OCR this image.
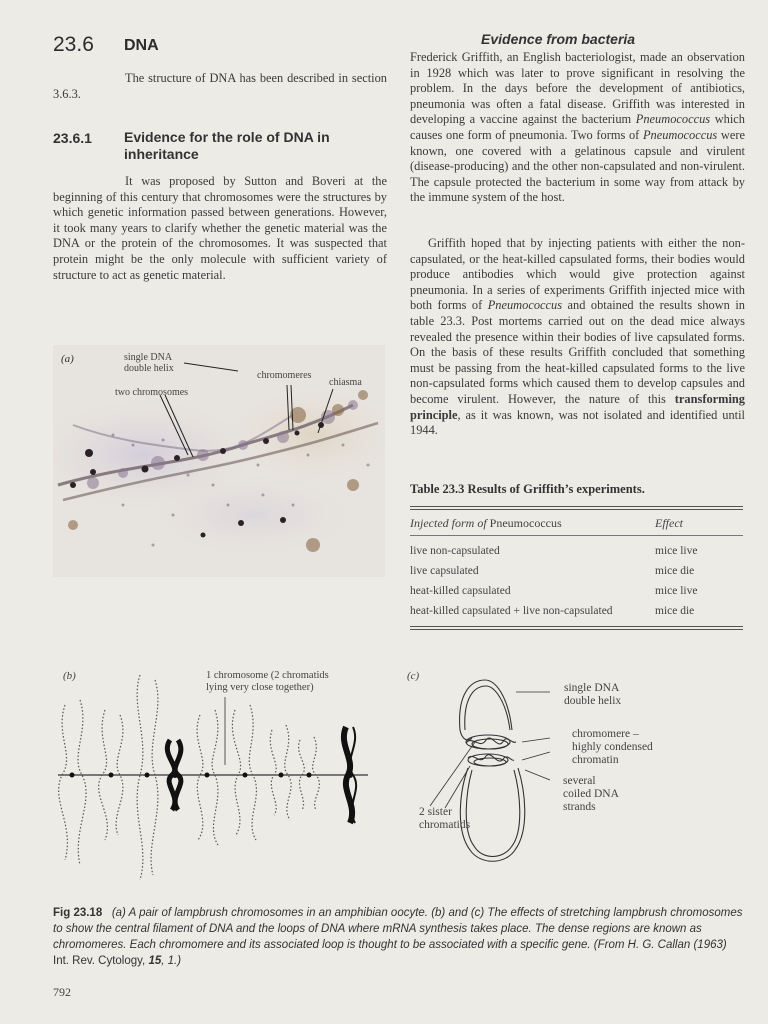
23.6 DNA
The structure of DNA has been described in section 3.6.3.
23.6.1 Evidence for the role of DNA in
inheritance
It was proposed by Sutton and Boveri at the beginning of this century that chromosomes were the structures by which genetic information passed between generations. However, it took many years to clarify whether the genetic material was the DNA or the protein of the chromosomes. It was suspected that protein might be the only molecule with sufficient variety of structure to act as genetic material.
(a)	single DNA
double helix
chromomeres
chiasma
two chromosomes
Evidence from bacteria

Frederick Griffith, an English bacteriologist, made an observation in 1928 which was later to prove significant in resolving the problem. In the days before the development of antibiotics, pneumonia was often a fatal disease. Griffith was interested in developing a vaccine against the bacterium Pneumococcus which causes one form of pneumonia. Two forms of Pneumococcus were known, one covered with a gelatinous capsule and virulent (disease-producing) and the other non-capsulated and non-virulent. The capsule protected the bacterium in some way from attack by the immune system of the host.

Griffith hoped that by injecting patients with either the non-capsulated, or the heat-killed capsulated forms, their bodies would produce antibodies which would give protection against pneumonia. In a series of experiments Griffith injected mice with both forms of Pneumococcus and obtained the results shown in table 23.3. Post mortems carried out on the dead mice always revealed the presence within their bodies of live capsulated forms. On the basis of these results Griffith concluded that something must be passing from the heat-killed capsulated forms to the live non-capsulated forms which caused them to develop capsules and become virulent. However, the nature of this transforming principle, as it was known, was not isolated and identified until 1944.

Table 23.3 Results of Griffith’s experiments.
Injected form of Pneumococcus	Effect
live non-capsulated	mice live
live capsulated	mice die
heat-killed capsulated	mice live
heat-killed capsulated + live non-capsulated	mice die
(b)	1 chromosome (2 chromatids
lying very close together)
(c)
single DNA
double helix
chromomere –
highly condensed
chromatin
several
coiled DNA
strands
2 sister
chromatids
Fig 23.18 (a) A pair of lampbrush chromosomes in an amphibian oocyte. (b) and (c) The effects of stretching lampbrush chromosomes to show the central filament of DNA and the loops of DNA where mRNA synthesis takes place. The dense regions are known as chromomeres. Each chromomere and its associated loop is thought to be associated with a specific gene. (From H. G. Callan (1963) Int. Rev. Cytology, 15, 1.)
792
